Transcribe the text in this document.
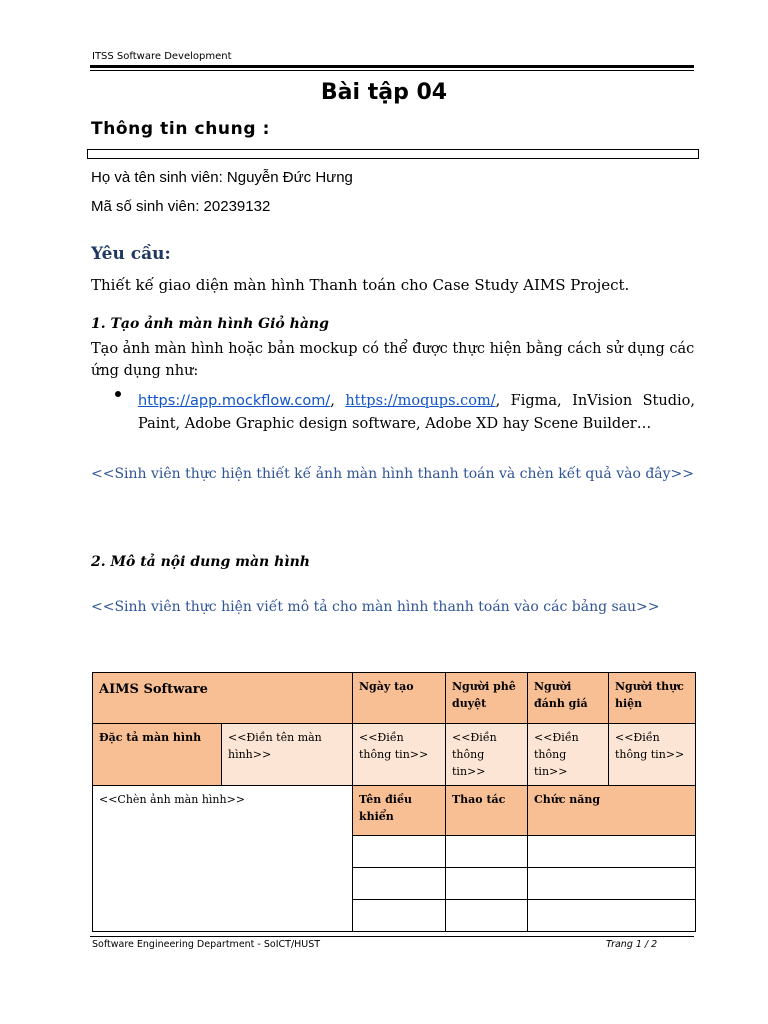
ITSS Software Development
Bài tập 04
Thông tin chung :
Họ và tên sinh viên: Nguyễn Đức Hưng
Mã số sinh viên: 20239132
Yêu cầu:
Thiết kế giao diện màn hình Thanh toán cho Case Study AIMS Project.
1. Tạo ảnh màn hình Giỏ hàng
Tạo ảnh màn hình hoặc bản mockup có thể được thực hiện bằng cách sử dụng các ứng dụng như:
https://app.mockflow.com/, https://moqups.com/, Figma, InVision Studio, Paint, Adobe Graphic design software, Adobe XD hay Scene Builder…
<<Sinh viên thực hiện thiết kế ảnh màn hình thanh toán và chèn kết quả vào đây>>
2. Mô tả nội dung màn hình
<<Sinh viên thực hiện viết mô tả cho màn hình thanh toán vào các bảng sau>>
AIMS Software		Ngày tạo	Người phê duyệt	Người đánh giá	Người thực hiện
Đặc tả màn hình	<<Điền tên màn hình>>	<<Điền thông tin>>	<<Điền thông tin>>	<<Điền thông tin>>	<<Điền thông tin>>
<<Chèn ảnh màn hình>>		Tên điều khiển	Thao tác	Chức năng	

Software Engineering Department - SoICT/HUST	Trang 1 / 2
